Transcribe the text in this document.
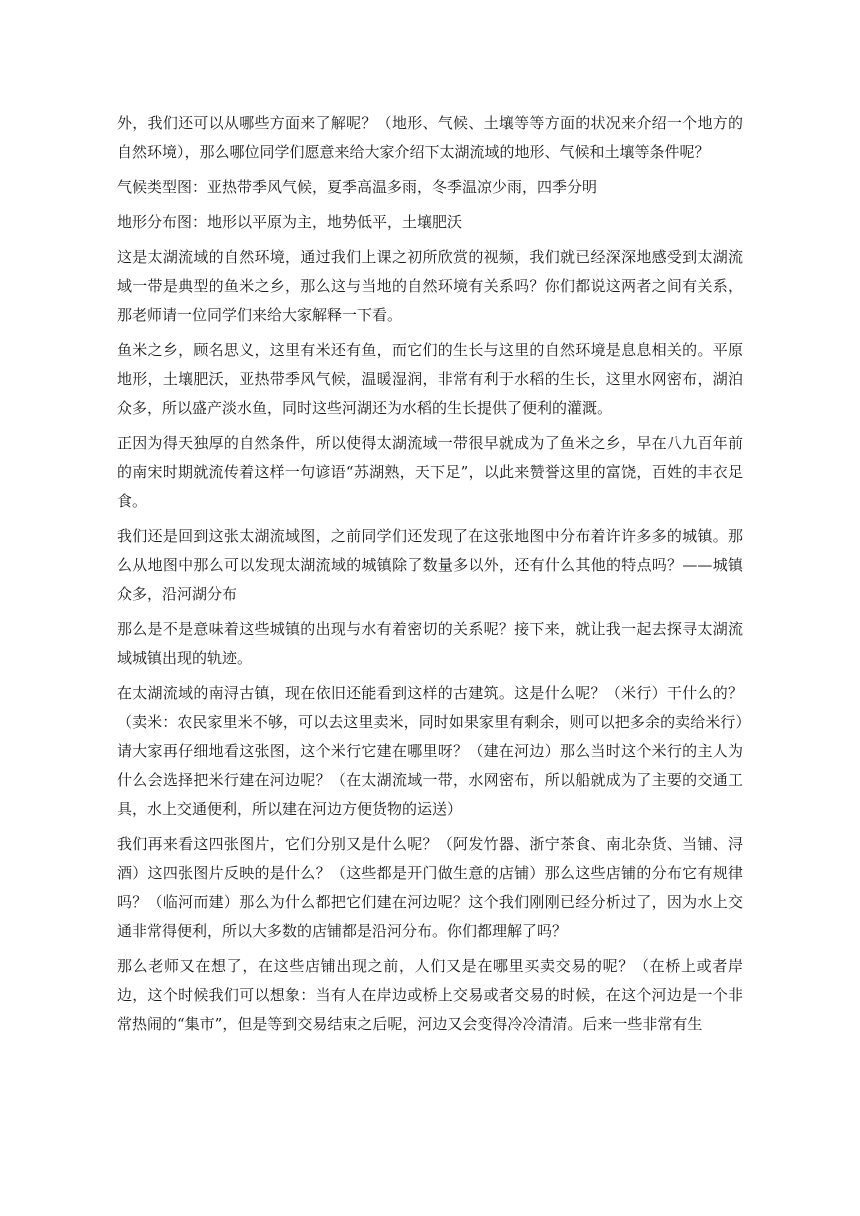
外，我们还可以从哪些方面来了解呢？（地形、气候、土壤等等方面的状况来介绍一个地方的自然环境），那么哪位同学们愿意来给大家介绍下太湖流域的地形、气候和土壤等条件呢？

气候类型图：亚热带季风气候，夏季高温多雨，冬季温凉少雨，四季分明

地形分布图：地形以平原为主，地势低平，土壤肥沃

这是太湖流域的自然环境，通过我们上课之初所欣赏的视频，我们就已经深深地感受到太湖流域一带是典型的鱼米之乡，那么这与当地的自然环境有关系吗？你们都说这两者之间有关系，那老师请一位同学们来给大家解释一下看。

鱼米之乡，顾名思义，这里有米还有鱼，而它们的生长与这里的自然环境是息息相关的。平原地形，土壤肥沃，亚热带季风气候，温暖湿润，非常有利于水稻的生长，这里水网密布，湖泊众多，所以盛产淡水鱼，同时这些河湖还为水稻的生长提供了便利的灌溉。

正因为得天独厚的自然条件，所以使得太湖流域一带很早就成为了鱼米之乡，早在八九百年前的南宋时期就流传着这样一句谚语“苏湖熟，天下足”，以此来赞誉这里的富饶，百姓的丰衣足食。

我们还是回到这张太湖流域图，之前同学们还发现了在这张地图中分布着许许多多的城镇。那么从地图中那么可以发现太湖流域的城镇除了数量多以外，还有什么其他的特点吗？——城镇众多，沿河湖分布

那么是不是意味着这些城镇的出现与水有着密切的关系呢？接下来，就让我一起去探寻太湖流域城镇出现的轨迹。

在太湖流域的南浔古镇，现在依旧还能看到这样的古建筑。这是什么呢？（米行）干什么的？（卖米：农民家里米不够，可以去这里卖米，同时如果家里有剩余，则可以把多余的卖给米行）请大家再仔细地看这张图，这个米行它建在哪里呀？（建在河边）那么当时这个米行的主人为什么会选择把米行建在河边呢？（在太湖流域一带，水网密布，所以船就成为了主要的交通工具，水上交通便利，所以建在河边方便货物的运送）

我们再来看这四张图片，它们分别又是什么呢？（阿发竹器、浙宁茶食、南北杂货、当铺、浔酒）这四张图片反映的是什么？（这些都是开门做生意的店铺）那么这些店铺的分布它有规律吗？（临河而建）那么为什么都把它们建在河边呢？这个我们刚刚已经分析过了，因为水上交通非常得便利，所以大多数的店铺都是沿河分布。你们都理解了吗？

那么老师又在想了，在这些店铺出现之前，人们又是在哪里买卖交易的呢？（在桥上或者岸边，这个时候我们可以想象：当有人在岸边或桥上交易或者交易的时候，在这个河边是一个非常热闹的“集市”，但是等到交易结束之后呢，河边又会变得冷冷清清。后来一些非常有生
